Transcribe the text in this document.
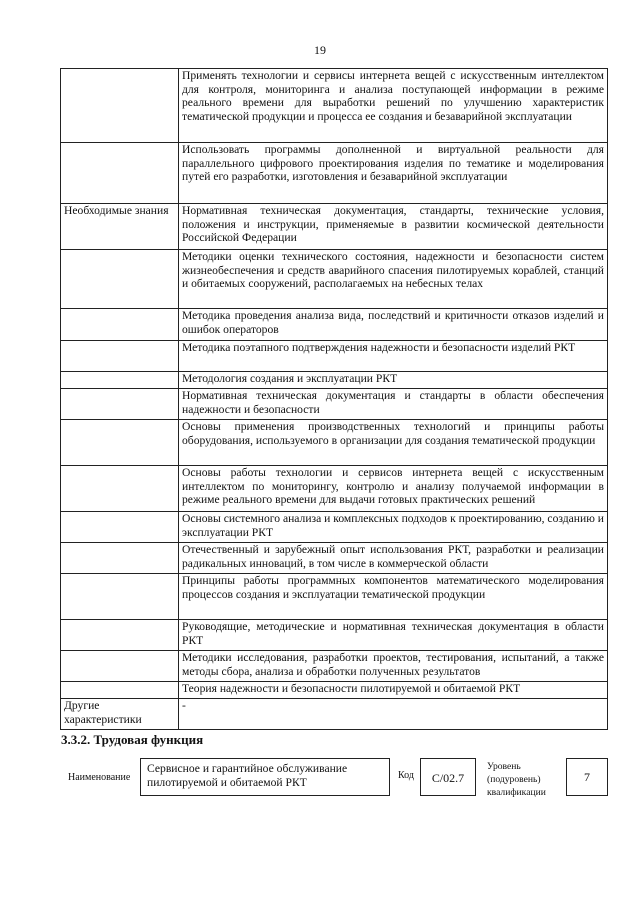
19
	Применять технологии и сервисы интернета вещей с искусственным интеллектом для контроля, мониторинга и анализа поступающей информации в режиме реального времени для выработки решений по улучшению характеристик тематической продукции и процесса ее создания и безаварийной эксплуатации
	Использовать программы дополненной и виртуальной реальности для параллельного цифрового проектирования изделия по тематике и моделирования путей его разработки, изготовления и безаварийной эксплуатации
Необходимые знания	Нормативная техническая документация, стандарты, технические условия, положения и инструкции, применяемые в развитии космической деятельности Российской Федерации
	Методики оценки технического состояния, надежности и безопасности систем жизнеобеспечения и средств аварийного спасения пилотируемых кораблей, станций и обитаемых сооружений, располагаемых на небесных телах
	Методика проведения анализа вида, последствий и критичности отказов изделий и ошибок операторов
	Методика поэтапного подтверждения надежности и безопасности изделий РКТ
	Методология создания и эксплуатации РКТ
	Нормативная техническая документация и стандарты в области обеспечения надежности и безопасности
	Основы применения производственных технологий и принципы работы оборудования, используемого в организации для создания тематической продукции
	Основы работы технологии и сервисов интернета вещей с искусственным интеллектом по мониторингу, контролю и анализу получаемой информации в режиме реального времени для выдачи готовых практических решений
	Основы системного анализа и комплексных подходов к проектированию, созданию и эксплуатации РКТ
	Отечественный и зарубежный опыт использования РКТ, разработки и реализации радикальных инноваций, в том числе в коммерческой области
	Принципы работы программных компонентов математического моделирования процессов создания и эксплуатации тематической продукции
	Руководящие, методические и нормативная техническая документация в области РКТ
	Методики исследования, разработки проектов, тестирования, испытаний, а также методы сбора, анализа и обработки полученных результатов
	Теория надежности и безопасности пилотируемой и обитаемой РКТ
Другие характеристики	-
3.3.2. Трудовая функция
Наименование
Сервисное и гарантийное обслуживание пилотируемой и обитаемой РКТ
Код	C/02.7
Уровень
(подуровень)
квалификации
7
